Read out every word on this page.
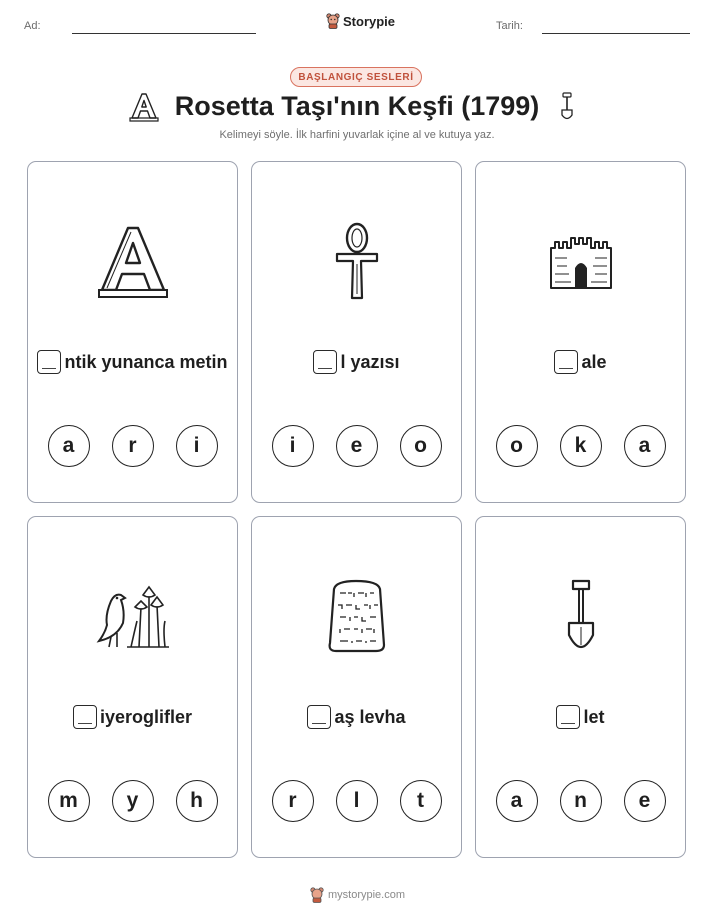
Ad:	Storypie	Tarih:
BAŞLANGIÇ SESLERİ
Rosetta Taşı'nın Keşfi (1799)
Kelimeyi söyle. İlk harfini yuvarlak içine al ve kutuya yaz.
ntik yunanca metin
a	r	i
l yazısı
i	e	o
ale
o	k	a
iyeroglifler
m	y	h
aş levha
r	l	t
let
a	n	e
mystorypie.com
